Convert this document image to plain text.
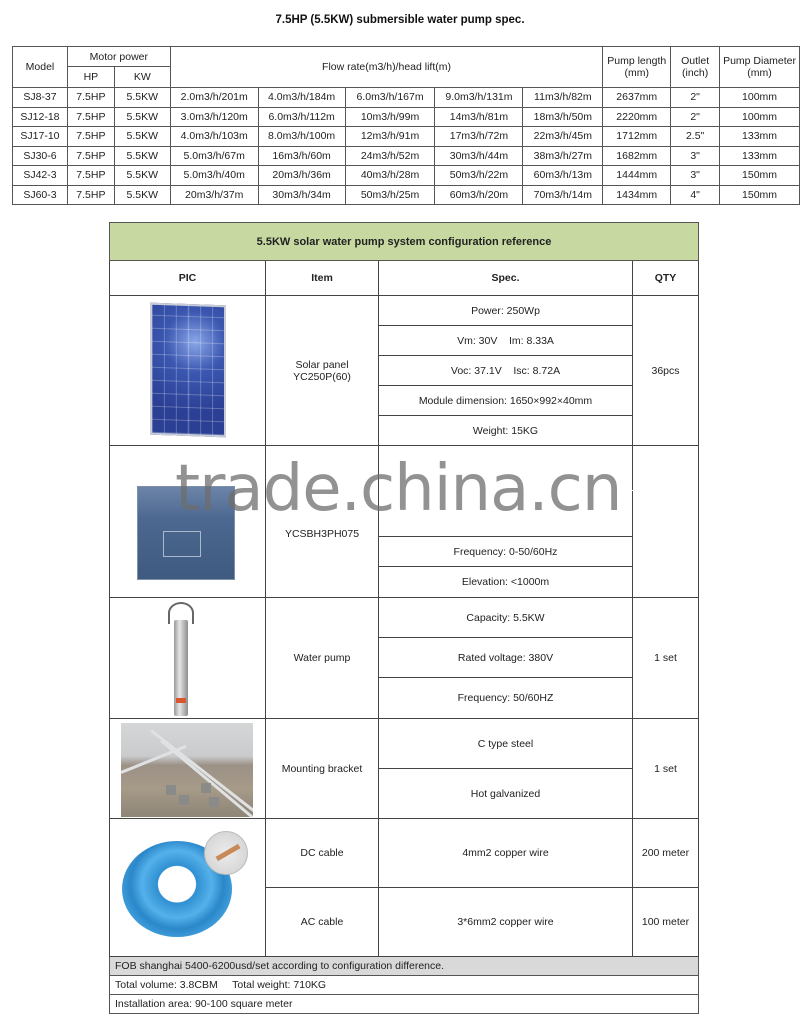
7.5HP (5.5KW) submersible water pump spec.
Model	Motor power		Flow rate(m3/h)/head lift(m)					Pump length (mm)	Outlet (inch)	Pump Diameter (mm)
	HP	KW								
SJ8-37	7.5HP	5.5KW	2.0m3/h/201m	4.0m3/h/184m	6.0m3/h/167m	9.0m3/h/131m	11m3/h/82m	2637mm	2"	100mm
SJ12-18	7.5HP	5.5KW	3.0m3/h/120m	6.0m3/h/112m	10m3/h/99m	14m3/h/81m	18m3/h/50m	2220mm	2"	100mm
SJ17-10	7.5HP	5.5KW	4.0m3/h/103m	8.0m3/h/100m	12m3/h/91m	17m3/h/72m	22m3/h/45m	1712mm	2.5"	133mm
SJ30-6	7.5HP	5.5KW	5.0m3/h/67m	16m3/h/60m	24m3/h/52m	30m3/h/44m	38m3/h/27m	1682mm	3"	133mm
SJ42-3	7.5HP	5.5KW	5.0m3/h/40m	20m3/h/36m	40m3/h/28m	50m3/h/22m	60m3/h/13m	1444mm	3"	150mm
SJ60-3	7.5HP	5.5KW	20m3/h/37m	30m3/h/34m	50m3/h/25m	60m3/h/20m	70m3/h/14m	1434mm	4"	150mm
5.5KW solar water pump system configuration reference			
PIC	Item	Spec.	QTY

	Solar panel
YC250P(60)	Power: 250Wp	36pcs
		Vm: 30V    Im: 8.33A	
		Voc: 37.1V    Isc: 8.72A	
		Module dimension: 1650×992×40mm	
		Weight: 15KG	

	YCSBH3PH075		

		Frequency: 0-50/60Hz	
		Elevation: <1000m	

	Water pump	Capacity: 5.5KW	1 set
		Rated voltage: 380V	
		Frequency: 50/60HZ	

	Mounting bracket	C type steel	1 set
		Hot galvanized	

	DC cable	4mm2 copper wire	200 meter
	AC cable	3*6mm2 copper wire	100 meter
FOB shanghai 5400-6200usd/set according to configuration difference.			
Total volume: 3.8CBM     Total weight: 710KG			
Installation area: 90-100 square meter			
trade.china.cn
